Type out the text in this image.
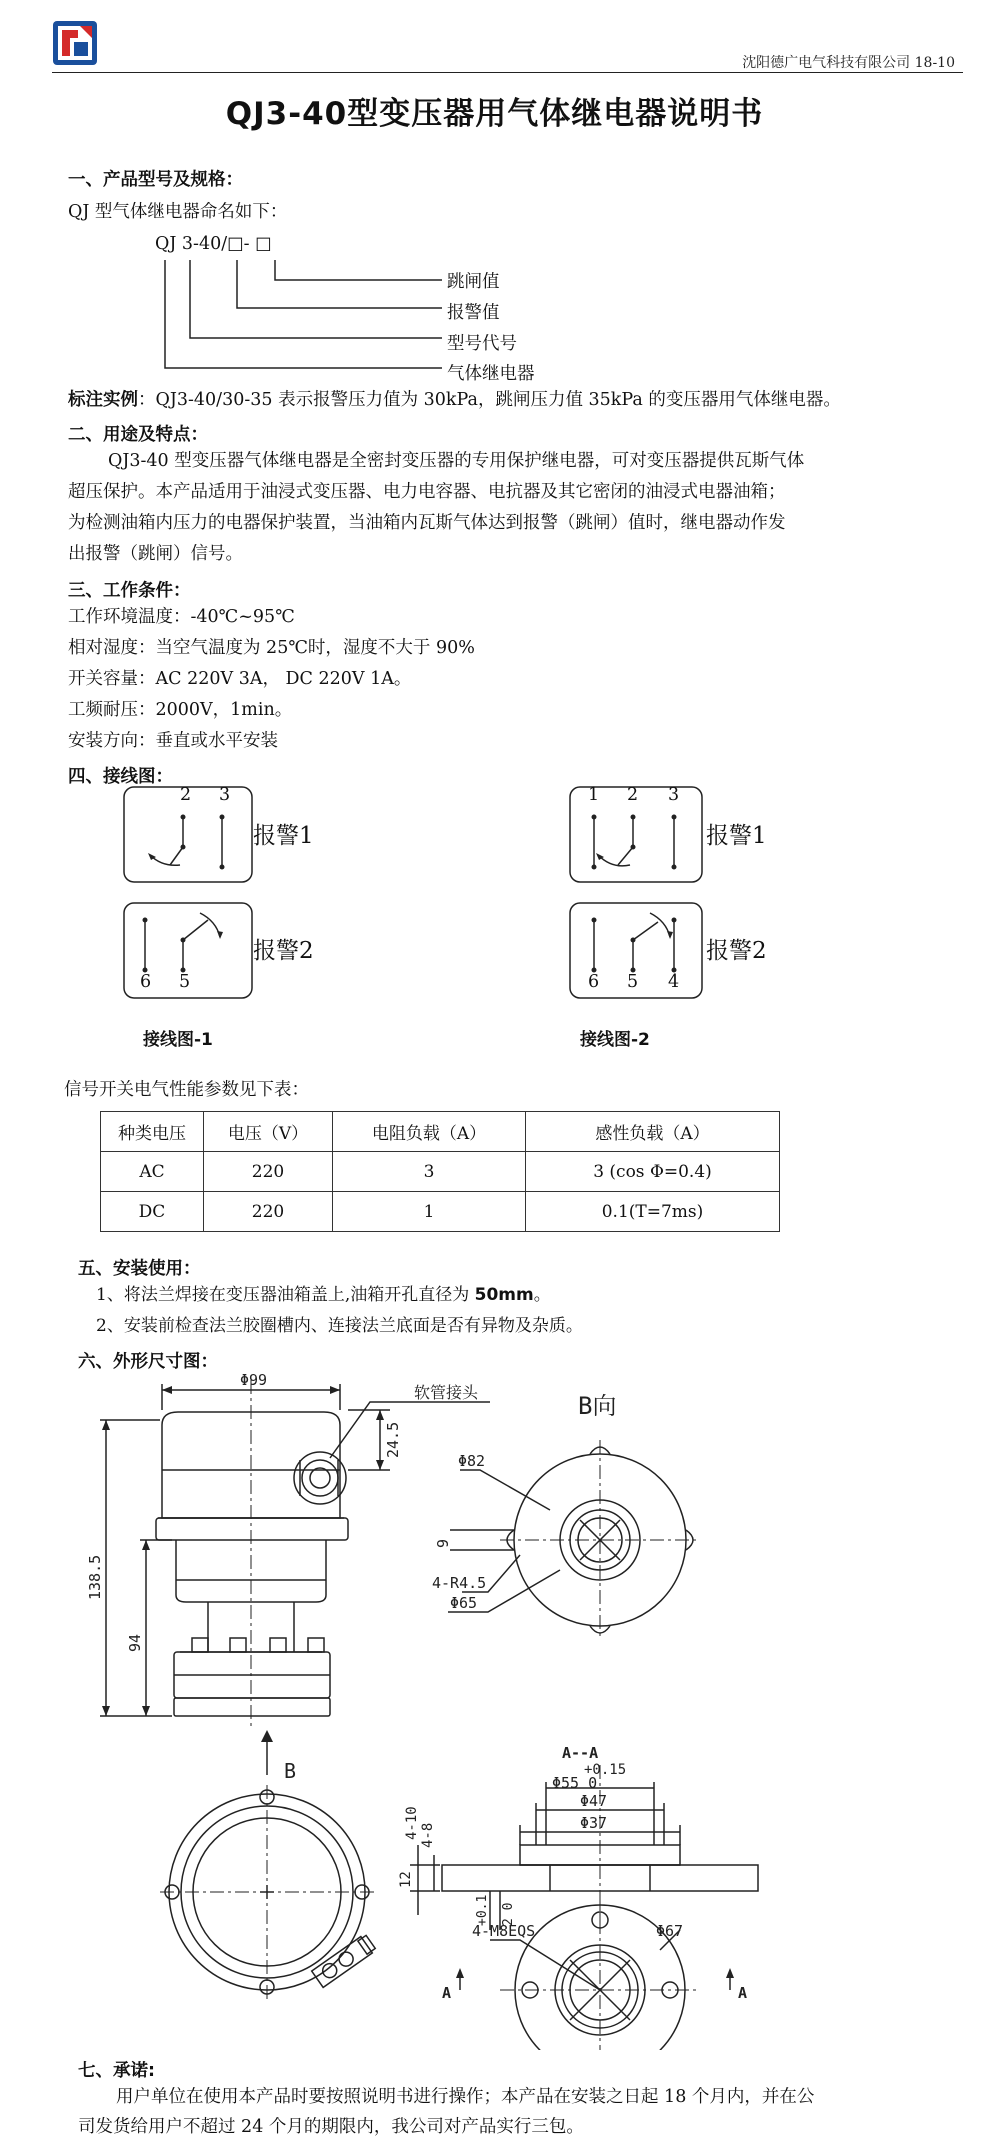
沈阳德广电气科技有限公司 18-10
QJ3-40型变压器用气体继电器说明书
一、产品型号及规格：
QJ 型气体继电器命名如下：
QJ 3-40/□- □
跳闸值
报警值
型号代号
气体继电器
标注实例：QJ3-40/30-35 表示报警压力值为 30kPa，跳闸压力值 35kPa 的变压器用气体继电器。
二、用途及特点：
QJ3-40 型变压器气体继电器是全密封变压器的专用保护继电器，可对变压器提供瓦斯气体
超压保护。本产品适用于油浸式变压器、电力电容器、电抗器及其它密闭的油浸式电器油箱；
为检测油箱内压力的电器保护装置，当油箱内瓦斯气体达到报警（跳闸）值时，继电器动作发
出报警（跳闸）信号。
三、工作条件：
工作环境温度：-40℃~95℃
相对湿度：当空气温度为 25℃时，湿度不大于 90%
开关容量：AC 220V 3A， DC 220V 1A。
工频耐压：2000V，1min。
安装方向：垂直或水平安装
四、接线图：
2 3
报警1
6 5
报警2
接线图-1
1 2 3
报警1
6 5 4
报警2
接线图-2
信号开关电气性能参数见下表：
种类电压	电压（V）	电阻负载（A）	感性负载（A）
AC	220	3	3 (cos Φ=0.4)
DC	220	1	0.1(T=7ms)
五、安装使用：
1、将法兰焊接在变压器油箱盖上,油箱开孔直径为 50mm。
2、安装前检查法兰胶圈槽内、连接法兰底面是否有异物及杂质。
六、外形尺寸图：
Φ99
软管接头
24.5
138.5
94
B
B向
Φ82
9
4-R4.5
Φ65
A--A
+0.15
Φ55 0
Φ47
Φ37
4-10 4-8
12
+0.1 2 0
4-M8EQS	Φ67
A	A
七、承诺:
用户单位在使用本产品时要按照说明书进行操作；本产品在安装之日起 18 个月内，并在公
司发货给用户不超过 24 个月的期限内，我公司对产品实行三包。
